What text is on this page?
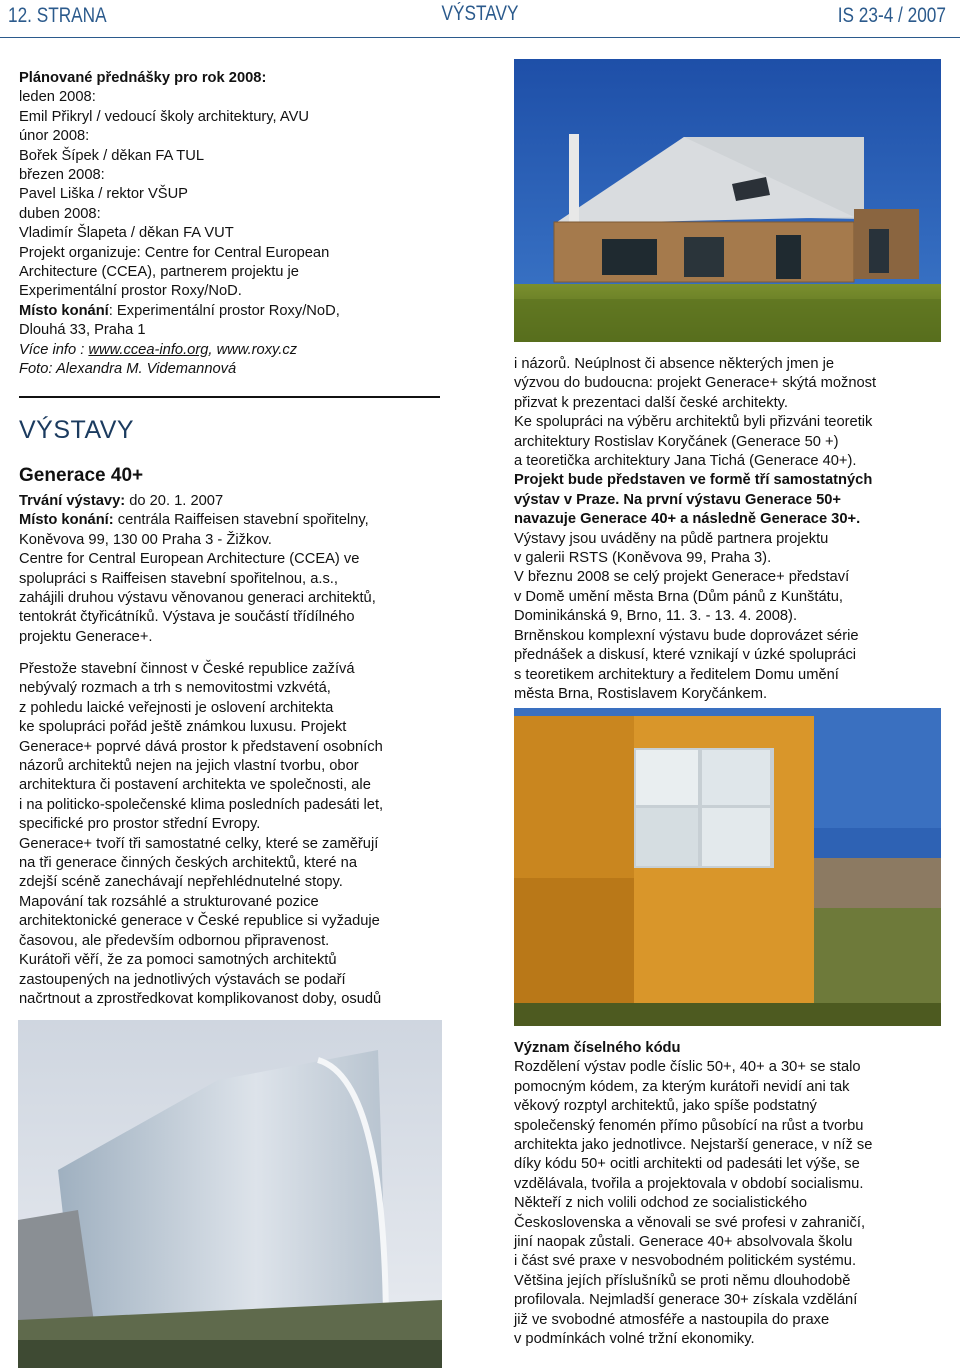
12. STRANA	VÝSTAVY	IS 23-4 / 2007

Plánované přednášky pro rok 2008:

leden 2008:

Emil Přikryl / vedoucí školy architektury, AVU

únor 2008:

Bořek Šípek / děkan FA TUL

březen 2008:

Pavel Liška / rektor VŠUP

duben 2008:

Vladimír Šlapeta / děkan FA VUT

Projekt organizuje: Centre for Central European

Architecture (CCEA), partnerem projektu je

Experimentální prostor Roxy/NoD.

Místo konání: Experimentální prostor Roxy/NoD,

Dlouhá 33, Praha 1

Více info : www.ccea-info.org, www.roxy.cz

Foto: Alexandra M. Videmannová

VÝSTAVY
Generace 40+

Trvání výstavy: do 20. 1. 2007

Místo konání: centrála Raiffeisen stavební spořitelny,

Koněvova 99, 130 00 Praha 3 - Žižkov.

Centre for Central European Architecture (CCEA) ve

spolupráci s Raiffeisen stavební spořitelnou, a.s.,

zahájili druhou výstavu věnovanou generaci architektů,

tentokrát čtyřicátníků. Výstava je součástí třídílného

projektu Generace+.

Přestože stavební činnost v České republice zažívá

nebývalý rozmach a trh s nemovitostmi vzkvétá,

z pohledu laické veřejnosti je oslovení architekta

ke spolupráci pořád ještě známkou luxusu. Projekt

Generace+ poprvé dává prostor k představení osobních

názorů architektů nejen na jejich vlastní tvorbu, obor

architektura či postavení architekta ve společnosti, ale

i na politicko-společenské klima posledních padesáti let,

specifické pro prostor střední Evropy.

Generace+ tvoří tři samostatné celky, které se zaměřují

na tři generace činných českých architektů, které na

zdejší scéně zanechávají nepřehlédnutelné stopy.

Mapování tak rozsáhlé a strukturované pozice

architektonické generace v České republice si vyžaduje

časovou, ale především odbornou připravenost.

Kurátoři věří, že za pomoci samotných architektů

zastoupených na jednotlivých výstavách se podaří

načrtnout a zprostředkovat komplikovanost doby, osudů

i názorů. Neúplnost či absence některých jmen je

výzvou do budoucna: projekt Generace+ skýtá možnost

přizvat k prezentaci další české architekty.

Ke spolupráci na výběru architektů byli přizváni teoretik

architektury Rostislav Koryčánek (Generace 50 +)

a teoretička architektury Jana Tichá (Generace 40+).

Projekt bude představen ve formě tří samostatných

výstav v Praze. Na první výstavu Generace 50+

navazuje Generace 40+ a následně Generace 30+.

Výstavy jsou uváděny na půdě partnera projektu

v galerii RSTS (Koněvova 99, Praha 3).

V březnu 2008 se celý projekt Generace+ představí

v Domě umění města Brna (Dům pánů z Kunštátu,

Dominikánská 9, Brno, 11. 3. - 13. 4. 2008).

Brněnskou komplexní výstavu bude doprovázet série

přednášek a diskusí, které vznikají v úzké spolupráci

s teoretikem architektury a ředitelem Domu umění

města Brna, Rostislavem Koryčánkem.

Význam číselného kódu

Rozdělení výstav podle číslic 50+, 40+ a 30+ se stalo

pomocným kódem, za kterým kurátoři nevidí ani tak

věkový rozptyl architektů, jako spíše podstatný

společenský fenomén přímo působící na růst a tvorbu

architekta jako jednotlivce. Nejstarší generace, v níž se

díky kódu 50+ ocitli architekti od padesáti let výše, se

vzdělávala, tvořila a projektovala v období socialismu.

Někteří z nich volili odchod ze socialistického

Československa a věnovali se své profesi v zahraničí,

jiní naopak zůstali. Generace 40+ absolvovala školu

i část své praxe v nesvobodném politickém systému.

Většina jejích příslušníků se proti němu dlouhodobě

profilovala. Nejmladší generace 30+ získala vzdělání

již ve svobodné atmosféře a nastoupila do praxe

v podmínkách volné tržní ekonomiky.
